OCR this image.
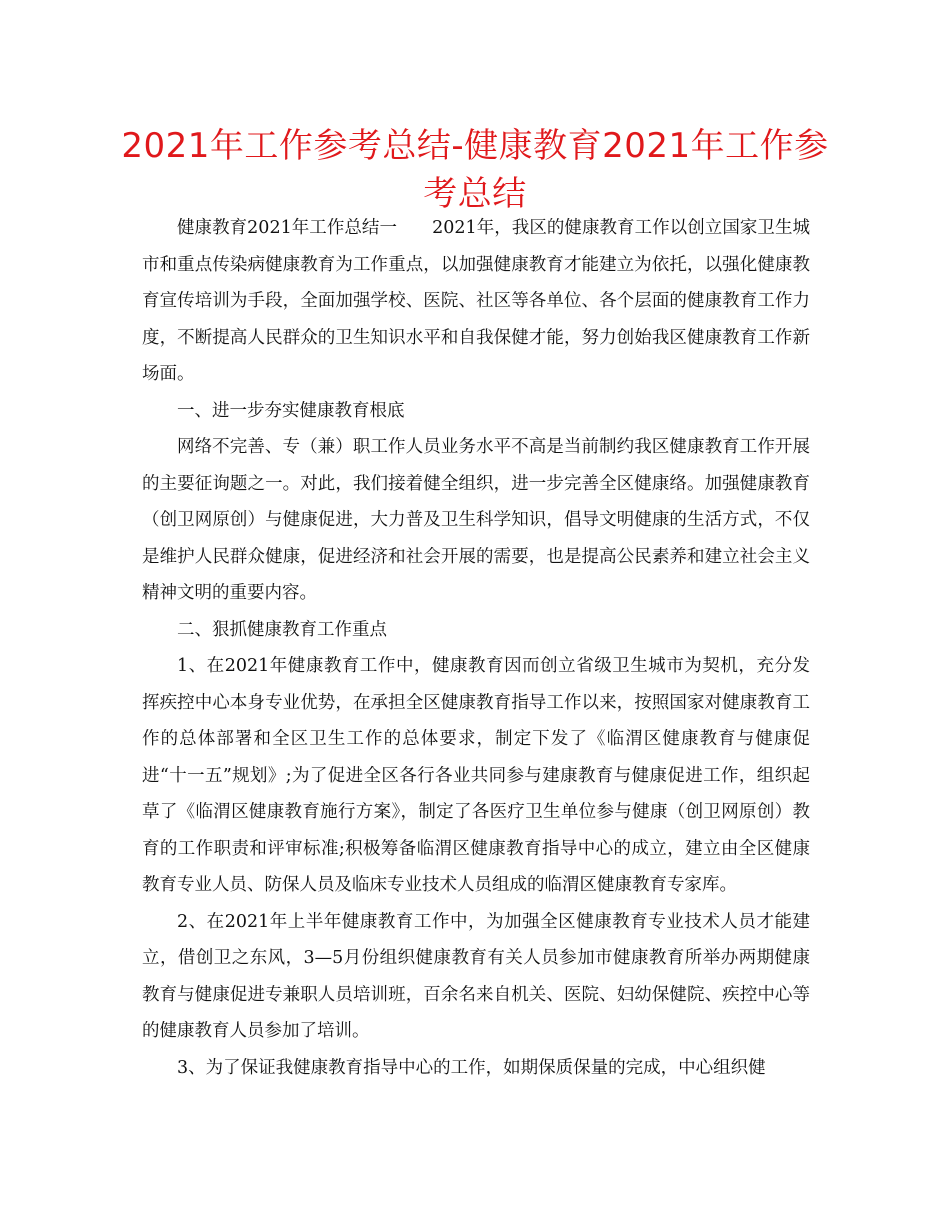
2021年工作参考总结-健康教育2021年工作参考总结

健康教育2021年工作总结一　　2021年，我区的健康教育工作以创立国家卫生城市和重点传染病健康教育为工作重点，以加强健康教育才能建立为依托，以强化健康教育宣传培训为手段，全面加强学校、医院、社区等各单位、各个层面的健康教育工作力度，不断提高人民群众的卫生知识水平和自我保健才能，努力创始我区健康教育工作新场面。

一、进一步夯实健康教育根底

网络不完善、专（兼）职工作人员业务水平不高是当前制约我区健康教育工作开展的主要征询题之一。对此，我们接着健全组织，进一步完善全区健康络。加强健康教育（创卫网原创）与健康促进，大力普及卫生科学知识，倡导文明健康的生活方式，不仅是维护人民群众健康，促进经济和社会开展的需要，也是提高公民素养和建立社会主义精神文明的重要内容。

二、狠抓健康教育工作重点

1、在2021年健康教育工作中，健康教育因而创立省级卫生城市为契机，充分发挥疾控中心本身专业优势，在承担全区健康教育指导工作以来，按照国家对健康教育工作的总体部署和全区卫生工作的总体要求，制定下发了《临渭区健康教育与健康促进“十一五”规划》;为了促进全区各行各业共同参与建康教育与健康促进工作，组织起草了《临渭区健康教育施行方案》，制定了各医疗卫生单位参与健康（创卫网原创）教育的工作职责和评审标准;积极筹备临渭区健康教育指导中心的成立，建立由全区健康教育专业人员、防保人员及临床专业技术人员组成的临渭区健康教育专家库。

2、在2021年上半年健康教育工作中，为加强全区健康教育专业技术人员才能建立，借创卫之东风，3—5月份组织健康教育有关人员参加市健康教育所举办两期健康教育与健康促进专兼职人员培训班，百余名来自机关、医院、妇幼保健院、疾控中心等的健康教育人员参加了培训。

3、为了保证我健康教育指导中心的工作，如期保质保量的完成，中心组织健
